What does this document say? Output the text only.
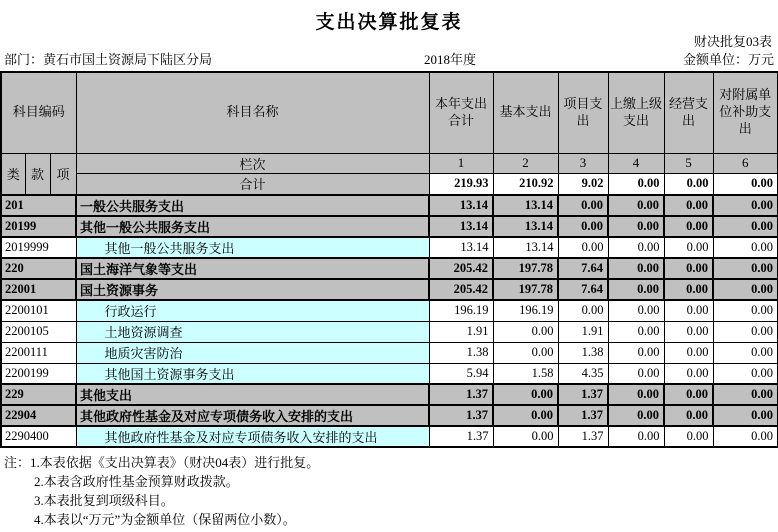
支出决算批复表
财决批复03表
部门：黄石市国土资源局下陆区分局	2018年度	金额单位：万元
科目编码			科目名称	本年支出合计	基本支出	项目支出	上缴上级支出	经营支出	对附属单位补助支出
类	款	项	栏次	1	2	3	4	5	6
			合计	219.93	210.92	9.02	0.00	0.00	0.00
201			一般公共服务支出	13.14	13.14	0.00	0.00	0.00	0.00
20199			其他一般公共服务支出	13.14	13.14	0.00	0.00	0.00	0.00
2019999			其他一般公共服务支出	13.14	13.14	0.00	0.00	0.00	0.00
220			国土海洋气象等支出	205.42	197.78	7.64	0.00	0.00	0.00
22001			国土资源事务	205.42	197.78	7.64	0.00	0.00	0.00
2200101			行政运行	196.19	196.19	0.00	0.00	0.00	0.00
2200105			土地资源调查	1.91	0.00	1.91	0.00	0.00	0.00
2200111			地质灾害防治	1.38	0.00	1.38	0.00	0.00	0.00
2200199			其他国土资源事务支出	5.94	1.58	4.35	0.00	0.00	0.00
229			其他支出	1.37	0.00	1.37	0.00	0.00	0.00
22904			其他政府性基金及对应专项债务收入安排的支出	1.37	0.00	1.37	0.00	0.00	0.00
2290400			其他政府性基金及对应专项债务收入安排的支出	1.37	0.00	1.37	0.00	0.00	0.00
注：1.本表依据《支出决算表》（财决04表）进行批复。
2.本表含政府性基金预算财政拨款。
3.本表批复到项级科目。
4.本表以“万元”为金额单位（保留两位小数）。
